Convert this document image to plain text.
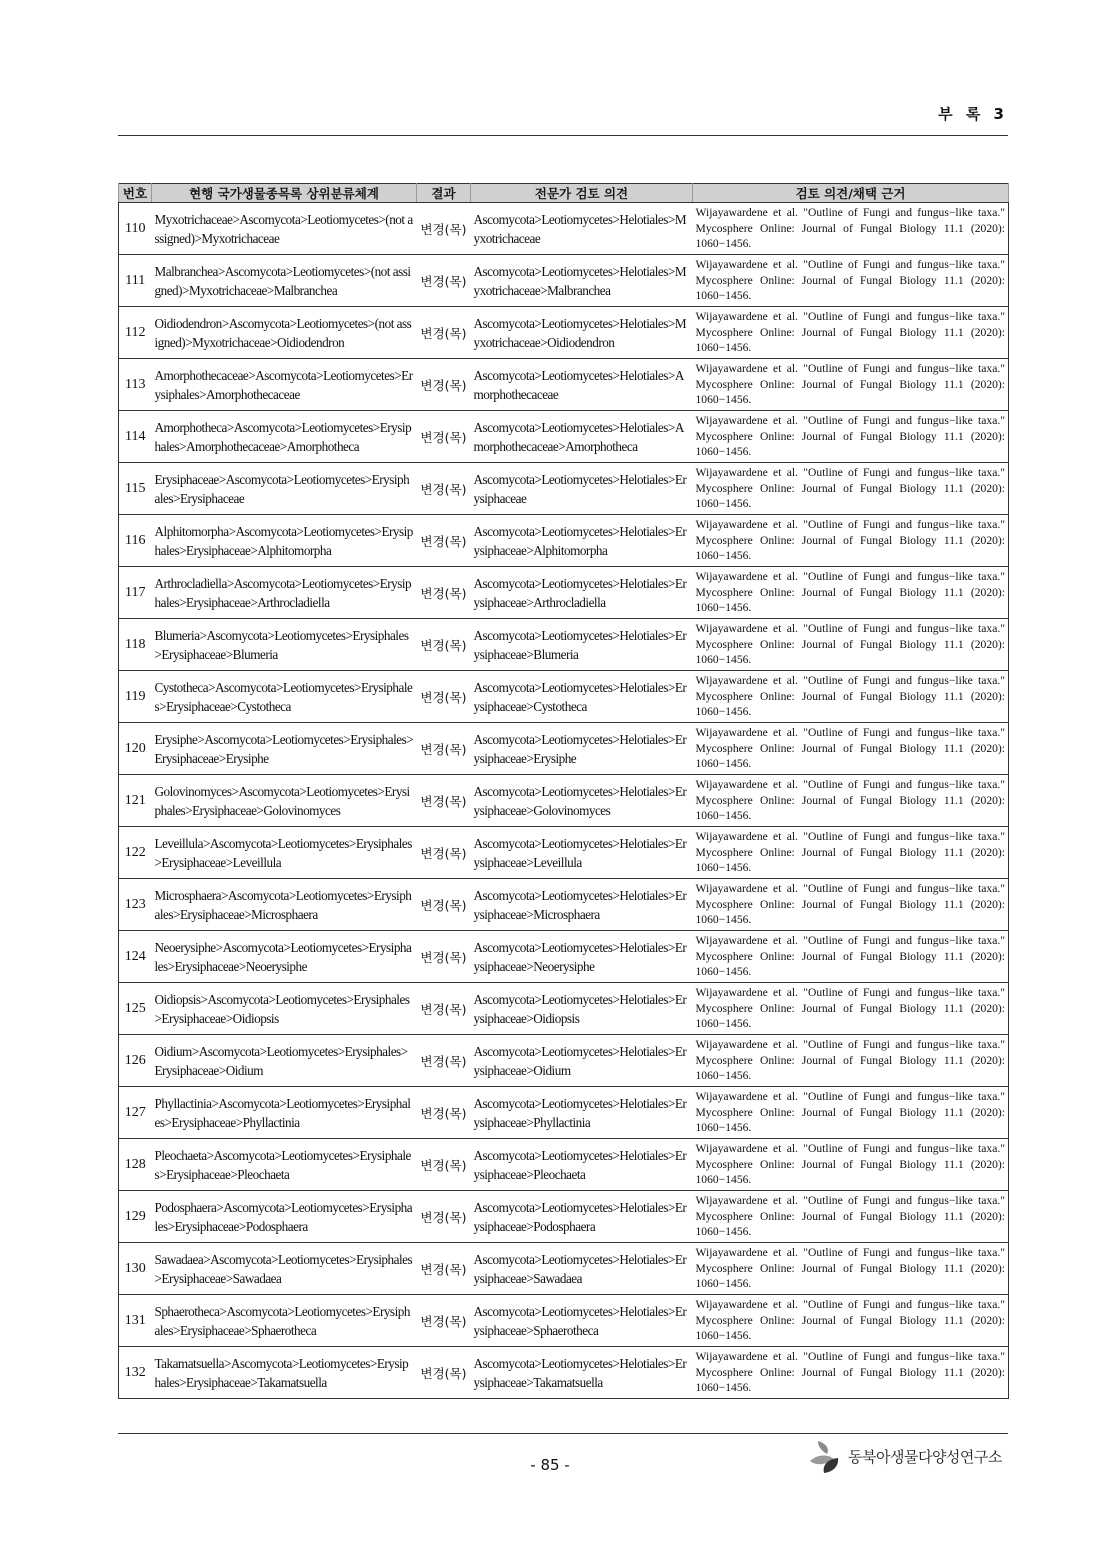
부 록 3
번호	현행 국가생물종목록 상위분류체계	결과	전문가 검토 의견	검토 의견/채택 근거
110	Myxotrichaceae>Ascomycota>Leotiomycetes>(not assigned)>Myxotrichaceae	변경(목)	Ascomycota>Leotiomycetes>Helotiales>Myxotrichaceae	Wijayawardene et al. "Outline of Fungi and fungus−like taxa." Mycosphere Online: Journal of Fungal Biology 11.1 (2020): 1060−1456.
111	Malbranchea>Ascomycota>Leotiomycetes>(not assigned)>Myxotrichaceae>Malbranchea	변경(목)	Ascomycota>Leotiomycetes>Helotiales>Myxotrichaceae>Malbranchea	Wijayawardene et al. "Outline of Fungi and fungus−like taxa." Mycosphere Online: Journal of Fungal Biology 11.1 (2020): 1060−1456.
112	Oidiodendron>Ascomycota>Leotiomycetes>(not assigned)>Myxotrichaceae>Oidiodendron	변경(목)	Ascomycota>Leotiomycetes>Helotiales>Myxotrichaceae>Oidiodendron	Wijayawardene et al. "Outline of Fungi and fungus−like taxa." Mycosphere Online: Journal of Fungal Biology 11.1 (2020): 1060−1456.
113	Amorphothecaceae>Ascomycota>Leotiomycetes>Erysiphales>Amorphothecaceae	변경(목)	Ascomycota>Leotiomycetes>Helotiales>Amorphothecaceae	Wijayawardene et al. "Outline of Fungi and fungus−like taxa." Mycosphere Online: Journal of Fungal Biology 11.1 (2020): 1060−1456.
114	Amorphotheca>Ascomycota>Leotiomycetes>Erysiphales>Amorphothecaceae>Amorphotheca	변경(목)	Ascomycota>Leotiomycetes>Helotiales>Amorphothecaceae>Amorphotheca	Wijayawardene et al. "Outline of Fungi and fungus−like taxa." Mycosphere Online: Journal of Fungal Biology 11.1 (2020): 1060−1456.
115	Erysiphaceae>Ascomycota>Leotiomycetes>Erysiphales>Erysiphaceae	변경(목)	Ascomycota>Leotiomycetes>Helotiales>Erysiphaceae	Wijayawardene et al. "Outline of Fungi and fungus−like taxa." Mycosphere Online: Journal of Fungal Biology 11.1 (2020): 1060−1456.
116	Alphitomorpha>Ascomycota>Leotiomycetes>Erysiphales>Erysiphaceae>Alphitomorpha	변경(목)	Ascomycota>Leotiomycetes>Helotiales>Erysiphaceae>Alphitomorpha	Wijayawardene et al. "Outline of Fungi and fungus−like taxa." Mycosphere Online: Journal of Fungal Biology 11.1 (2020): 1060−1456.
117	Arthrocladiella>Ascomycota>Leotiomycetes>Erysiphales>Erysiphaceae>Arthrocladiella	변경(목)	Ascomycota>Leotiomycetes>Helotiales>Erysiphaceae>Arthrocladiella	Wijayawardene et al. "Outline of Fungi and fungus−like taxa." Mycosphere Online: Journal of Fungal Biology 11.1 (2020): 1060−1456.
118	Blumeria>Ascomycota>Leotiomycetes>Erysiphales>Erysiphaceae>Blumeria	변경(목)	Ascomycota>Leotiomycetes>Helotiales>Erysiphaceae>Blumeria	Wijayawardene et al. "Outline of Fungi and fungus−like taxa." Mycosphere Online: Journal of Fungal Biology 11.1 (2020): 1060−1456.
119	Cystotheca>Ascomycota>Leotiomycetes>Erysiphales>Erysiphaceae>Cystotheca	변경(목)	Ascomycota>Leotiomycetes>Helotiales>Erysiphaceae>Cystotheca	Wijayawardene et al. "Outline of Fungi and fungus−like taxa." Mycosphere Online: Journal of Fungal Biology 11.1 (2020): 1060−1456.
120	Erysiphe>Ascomycota>Leotiomycetes>Erysiphales>Erysiphaceae>Erysiphe	변경(목)	Ascomycota>Leotiomycetes>Helotiales>Erysiphaceae>Erysiphe	Wijayawardene et al. "Outline of Fungi and fungus−like taxa." Mycosphere Online: Journal of Fungal Biology 11.1 (2020): 1060−1456.
121	Golovinomyces>Ascomycota>Leotiomycetes>Erysiphales>Erysiphaceae>Golovinomyces	변경(목)	Ascomycota>Leotiomycetes>Helotiales>Erysiphaceae>Golovinomyces	Wijayawardene et al. "Outline of Fungi and fungus−like taxa." Mycosphere Online: Journal of Fungal Biology 11.1 (2020): 1060−1456.
122	Leveillula>Ascomycota>Leotiomycetes>Erysiphales>Erysiphaceae>Leveillula	변경(목)	Ascomycota>Leotiomycetes>Helotiales>Erysiphaceae>Leveillula	Wijayawardene et al. "Outline of Fungi and fungus−like taxa." Mycosphere Online: Journal of Fungal Biology 11.1 (2020): 1060−1456.
123	Microsphaera>Ascomycota>Leotiomycetes>Erysiphales>Erysiphaceae>Microsphaera	변경(목)	Ascomycota>Leotiomycetes>Helotiales>Erysiphaceae>Microsphaera	Wijayawardene et al. "Outline of Fungi and fungus−like taxa." Mycosphere Online: Journal of Fungal Biology 11.1 (2020): 1060−1456.
124	Neoerysiphe>Ascomycota>Leotiomycetes>Erysiphales>Erysiphaceae>Neoerysiphe	변경(목)	Ascomycota>Leotiomycetes>Helotiales>Erysiphaceae>Neoerysiphe	Wijayawardene et al. "Outline of Fungi and fungus−like taxa." Mycosphere Online: Journal of Fungal Biology 11.1 (2020): 1060−1456.
125	Oidiopsis>Ascomycota>Leotiomycetes>Erysiphales>Erysiphaceae>Oidiopsis	변경(목)	Ascomycota>Leotiomycetes>Helotiales>Erysiphaceae>Oidiopsis	Wijayawardene et al. "Outline of Fungi and fungus−like taxa." Mycosphere Online: Journal of Fungal Biology 11.1 (2020): 1060−1456.
126	Oidium>Ascomycota>Leotiomycetes>Erysiphales>Erysiphaceae>Oidium	변경(목)	Ascomycota>Leotiomycetes>Helotiales>Erysiphaceae>Oidium	Wijayawardene et al. "Outline of Fungi and fungus−like taxa." Mycosphere Online: Journal of Fungal Biology 11.1 (2020): 1060−1456.
127	Phyllactinia>Ascomycota>Leotiomycetes>Erysiphales>Erysiphaceae>Phyllactinia	변경(목)	Ascomycota>Leotiomycetes>Helotiales>Erysiphaceae>Phyllactinia	Wijayawardene et al. "Outline of Fungi and fungus−like taxa." Mycosphere Online: Journal of Fungal Biology 11.1 (2020): 1060−1456.
128	Pleochaeta>Ascomycota>Leotiomycetes>Erysiphales>Erysiphaceae>Pleochaeta	변경(목)	Ascomycota>Leotiomycetes>Helotiales>Erysiphaceae>Pleochaeta	Wijayawardene et al. "Outline of Fungi and fungus−like taxa." Mycosphere Online: Journal of Fungal Biology 11.1 (2020): 1060−1456.
129	Podosphaera>Ascomycota>Leotiomycetes>Erysiphales>Erysiphaceae>Podosphaera	변경(목)	Ascomycota>Leotiomycetes>Helotiales>Erysiphaceae>Podosphaera	Wijayawardene et al. "Outline of Fungi and fungus−like taxa." Mycosphere Online: Journal of Fungal Biology 11.1 (2020): 1060−1456.
130	Sawadaea>Ascomycota>Leotiomycetes>Erysiphales>Erysiphaceae>Sawadaea	변경(목)	Ascomycota>Leotiomycetes>Helotiales>Erysiphaceae>Sawadaea	Wijayawardene et al. "Outline of Fungi and fungus−like taxa." Mycosphere Online: Journal of Fungal Biology 11.1 (2020): 1060−1456.
131	Sphaerotheca>Ascomycota>Leotiomycetes>Erysiphales>Erysiphaceae>Sphaerotheca	변경(목)	Ascomycota>Leotiomycetes>Helotiales>Erysiphaceae>Sphaerotheca	Wijayawardene et al. "Outline of Fungi and fungus−like taxa." Mycosphere Online: Journal of Fungal Biology 11.1 (2020): 1060−1456.
132	Takamatsuella>Ascomycota>Leotiomycetes>Erysiphales>Erysiphaceae>Takamatsuella	변경(목)	Ascomycota>Leotiomycetes>Helotiales>Erysiphaceae>Takamatsuella	Wijayawardene et al. "Outline of Fungi and fungus−like taxa." Mycosphere Online: Journal of Fungal Biology 11.1 (2020): 1060−1456.
- 85 -	동북아생물다양성연구소
